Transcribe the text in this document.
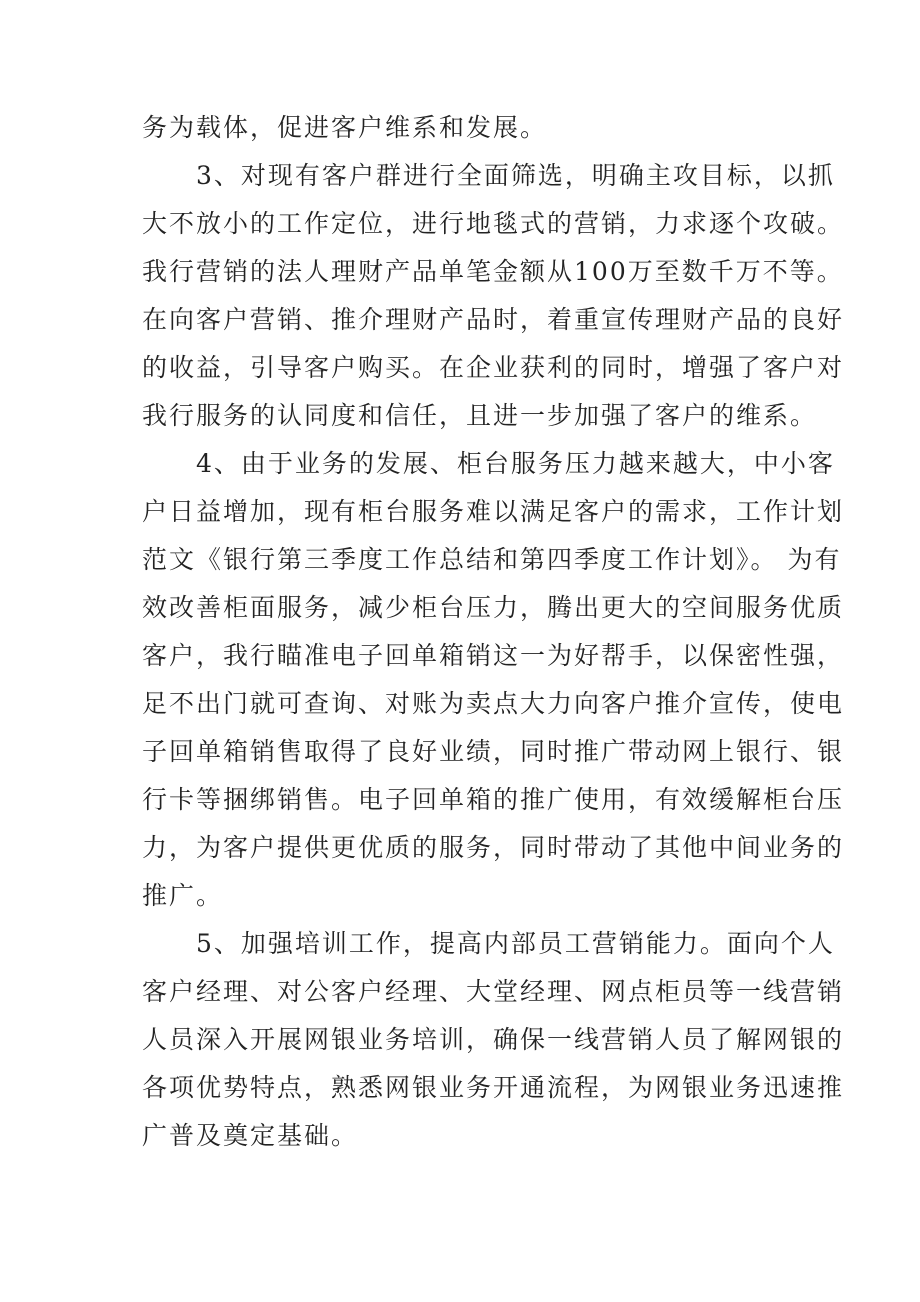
务为载体，促进客户维系和发展。
　　3、对现有客户群进行全面筛选，明确主攻目标，以抓
大不放小的工作定位，进行地毯式的营销，力求逐个攻破。
我行营销的法人理财产品单笔金额从100万至数千万不等。
在向客户营销、推介理财产品时，着重宣传理财产品的良好
的收益，引导客户购买。在企业获利的同时，增强了客户对
我行服务的认同度和信任，且进一步加强了客户的维系。
　　4、由于业务的发展、柜台服务压力越来越大，中小客
户日益增加，现有柜台服务难以满足客户的需求，工作计划
范文《银行第三季度工作总结和第四季度工作计划》。 为有
效改善柜面服务，减少柜台压力，腾出更大的空间服务优质
客户，我行瞄准电子回单箱销这一为好帮手，以保密性强，
足不出门就可查询、对账为卖点大力向客户推介宣传，使电
子回单箱销售取得了良好业绩，同时推广带动网上银行、银
行卡等捆绑销售。电子回单箱的推广使用，有效缓解柜台压
力，为客户提供更优质的服务，同时带动了其他中间业务的
推广。
　　5、加强培训工作，提高内部员工营销能力。面向个人
客户经理、对公客户经理、大堂经理、网点柜员等一线营销
人员深入开展网银业务培训，确保一线营销人员了解网银的
各项优势特点，熟悉网银业务开通流程，为网银业务迅速推
广普及奠定基础。
